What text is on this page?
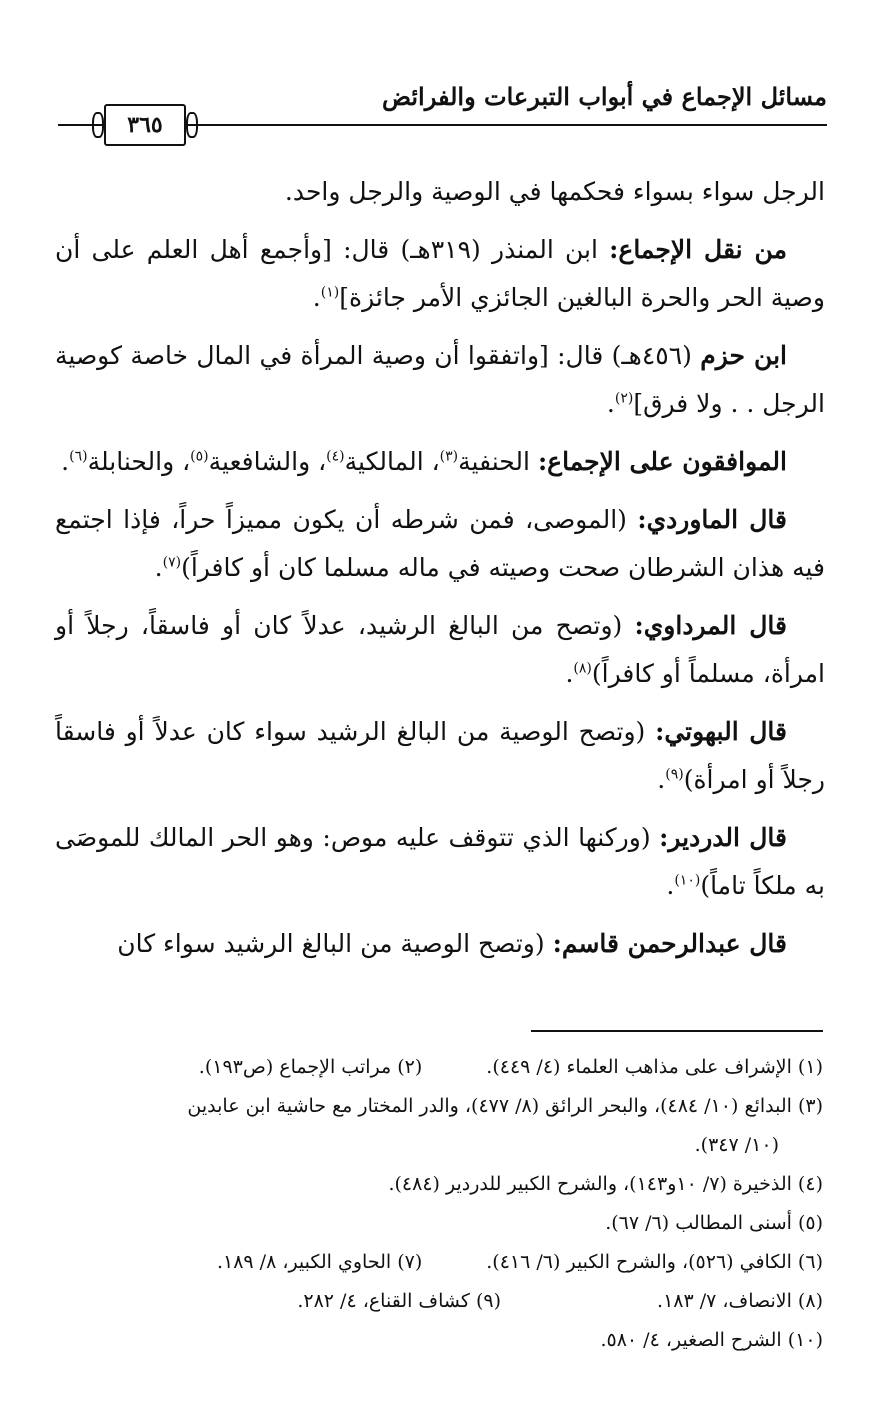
مسائل الإجماع في أبواب التبرعات والفرائض
٣٦٥

الرجل سواء بسواء فحكمها في الوصية والرجل واحد.

من نقل الإجماع: ابن المنذر (٣١٩هـ) قال: [وأجمع أهل العلم على أن وصية الحر والحرة البالغين الجائزي الأمر جائزة]$^{(١)}$.

ابن حزم (٤٥٦هـ) قال: [واتفقوا أن وصية المرأة في المال خاصة كوصية الرجل . . ولا فرق]$^{(٢)}$.

الموافقون على الإجماع: الحنفية$^{(٣)}$، المالكية$^{(٤)}$، والشافعية$^{(٥)}$، والحنابلة$^{(٦)}$.

قال الماوردي: (الموصى، فمن شرطه أن يكون مميزاً حراً، فإذا اجتمع فيه هذان الشرطان صحت وصيته في ماله مسلما كان أو كافراً)$^{(٧)}$.

قال المرداوي: (وتصح من البالغ الرشيد، عدلاً كان أو فاسقاً، رجلاً أو امرأة، مسلماً أو كافراً)$^{(٨)}$.

قال البهوتي: (وتصح الوصية من البالغ الرشيد سواء كان عدلاً أو فاسقاً رجلاً أو امرأة)$^{(٩)}$.

قال الدردير: (وركنها الذي تتوقف عليه موص: وهو الحر المالك للموصَى به ملكاً تاماً)$^{(١٠)}$.

قال عبدالرحمن قاسم: (وتصح الوصية من البالغ الرشيد سواء كان

(١) الإشراف على مذاهب العلماء (٤/ ٤٤٩).
(٢) مراتب الإجماع (ص١٩٣).
(٣) البدائع (١٠/ ٤٨٤)، والبحر الرائق (٨/ ٤٧٧)، والدر المختار مع حاشية ابن عابدين
(١٠/ ٣٤٧).
(٤) الذخيرة (٧/ ١٠و١٤٣)، والشرح الكبير للدردير (٤٨٤).
(٥) أسنى المطالب (٦/ ٦٧).
(٦) الكافي (٥٢٦)، والشرح الكبير (٦/ ٤١٦).
(٧) الحاوي الكبير، ٨/ ١٨٩.
(٨) الانصاف، ٧/ ١٨٣.
(٩) كشاف القناع، ٤/ ٢٨٢.
(١٠) الشرح الصغير، ٤/ ٥٨٠.
